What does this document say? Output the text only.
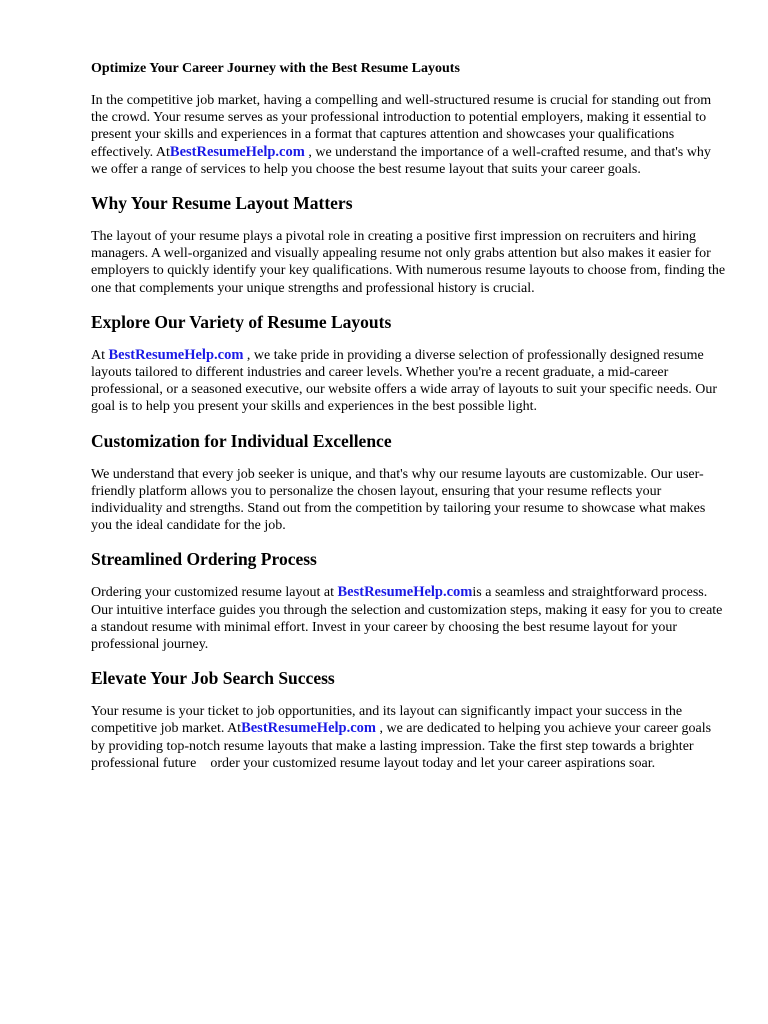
Optimize Your Career Journey with the Best Resume Layouts

In the competitive job market, having a compelling and well-structured resume is crucial for standing out from the crowd. Your resume serves as your professional introduction to potential employers, making it essential to present your skills and experiences in a format that captures attention and showcases your qualifications effectively. AtBestResumeHelp.com , we understand the importance of a well-crafted resume, and that's why we offer a range of services to help you choose the best resume layout that suits your career goals.

Why Your Resume Layout Matters

The layout of your resume plays a pivotal role in creating a positive first impression on recruiters and hiring managers. A well-organized and visually appealing resume not only grabs attention but also makes it easier for employers to quickly identify your key qualifications. With numerous resume layouts to choose from, finding the one that complements your unique strengths and professional history is crucial.

Explore Our Variety of Resume Layouts

At BestResumeHelp.com , we take pride in providing a diverse selection of professionally designed resume layouts tailored to different industries and career levels. Whether you're a recent graduate, a mid-career professional, or a seasoned executive, our website offers a wide array of layouts to suit your specific needs. Our goal is to help you present your skills and experiences in the best possible light.

Customization for Individual Excellence

We understand that every job seeker is unique, and that's why our resume layouts are customizable. Our user-friendly platform allows you to personalize the chosen layout, ensuring that your resume reflects your individuality and strengths. Stand out from the competition by tailoring your resume to showcase what makes you the ideal candidate for the job.

Streamlined Ordering Process

Ordering your customized resume layout at BestResumeHelp.comis a seamless and straightforward process. Our intuitive interface guides you through the selection and customization steps, making it easy for you to create a standout resume with minimal effort. Invest in your career by choosing the best resume layout for your professional journey.

Elevate Your Job Search Success

Your resume is your ticket to job opportunities, and its layout can significantly impact your success in the competitive job market. AtBestResumeHelp.com , we are dedicated to helping you achieve your career goals by providing top-notch resume layouts that make a lasting impression. Take the first step towards a brighter professional future    order your customized resume layout today and let your career aspirations soar.
